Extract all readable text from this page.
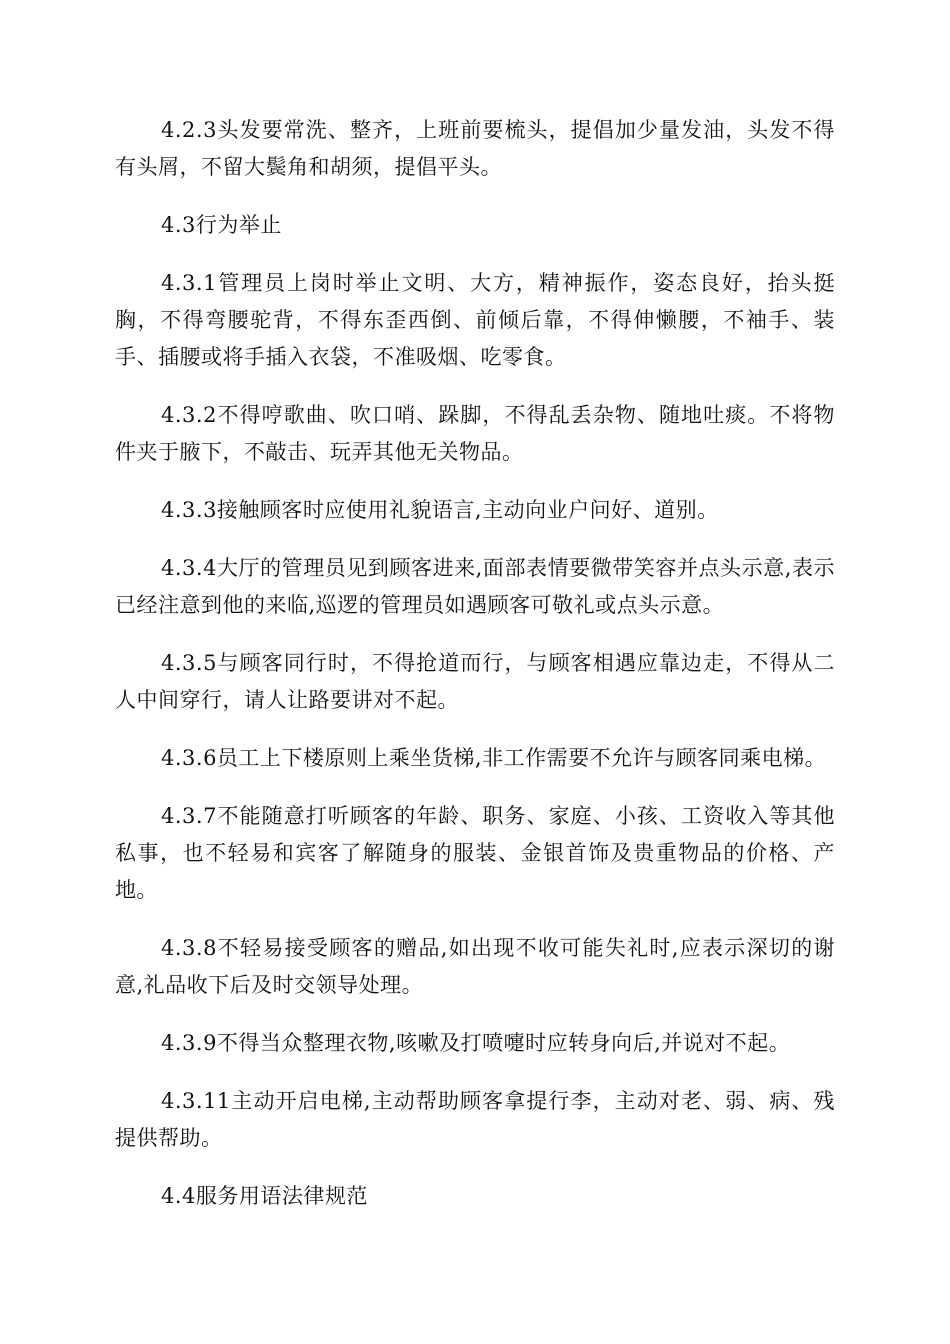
4.2.3头发要常洗、整齐，上班前要梳头，提倡加少量发油，头发不得有头屑，不留大鬓角和胡须，提倡平头。

4.3行为举止

4.3.1管理员上岗时举止文明、大方，精神振作，姿态良好，抬头挺胸，不得弯腰驼背，不得东歪西倒、前倾后靠，不得伸懒腰，不袖手、装手、插腰或将手插入衣袋，不准吸烟、吃零食。

4.3.2不得哼歌曲、吹口哨、跺脚，不得乱丢杂物、随地吐痰。不将物件夹于腋下，不敲击、玩弄其他无关物品。

4.3.3接触顾客时应使用礼貌语言,主动向业户问好、道别。

4.3.4大厅的管理员见到顾客进来,面部表情要微带笑容并点头示意,表示已经注意到他的来临,巡逻的管理员如遇顾客可敬礼或点头示意。

4.3.5与顾客同行时，不得抢道而行，与顾客相遇应靠边走，不得从二人中间穿行，请人让路要讲对不起。

4.3.6员工上下楼原则上乘坐货梯,非工作需要不允许与顾客同乘电梯。

4.3.7不能随意打听顾客的年龄、职务、家庭、小孩、工资收入等其他私事，也不轻易和宾客了解随身的服装、金银首饰及贵重物品的价格、产地。

4.3.8不轻易接受顾客的赠品,如出现不收可能失礼时,应表示深切的谢意,礼品收下后及时交领导处理。

4.3.9不得当众整理衣物,咳嗽及打喷嚏时应转身向后,并说对不起。

4.3.11主动开启电梯,主动帮助顾客拿提行李，主动对老、弱、病、残提供帮助。

4.4服务用语法律规范
